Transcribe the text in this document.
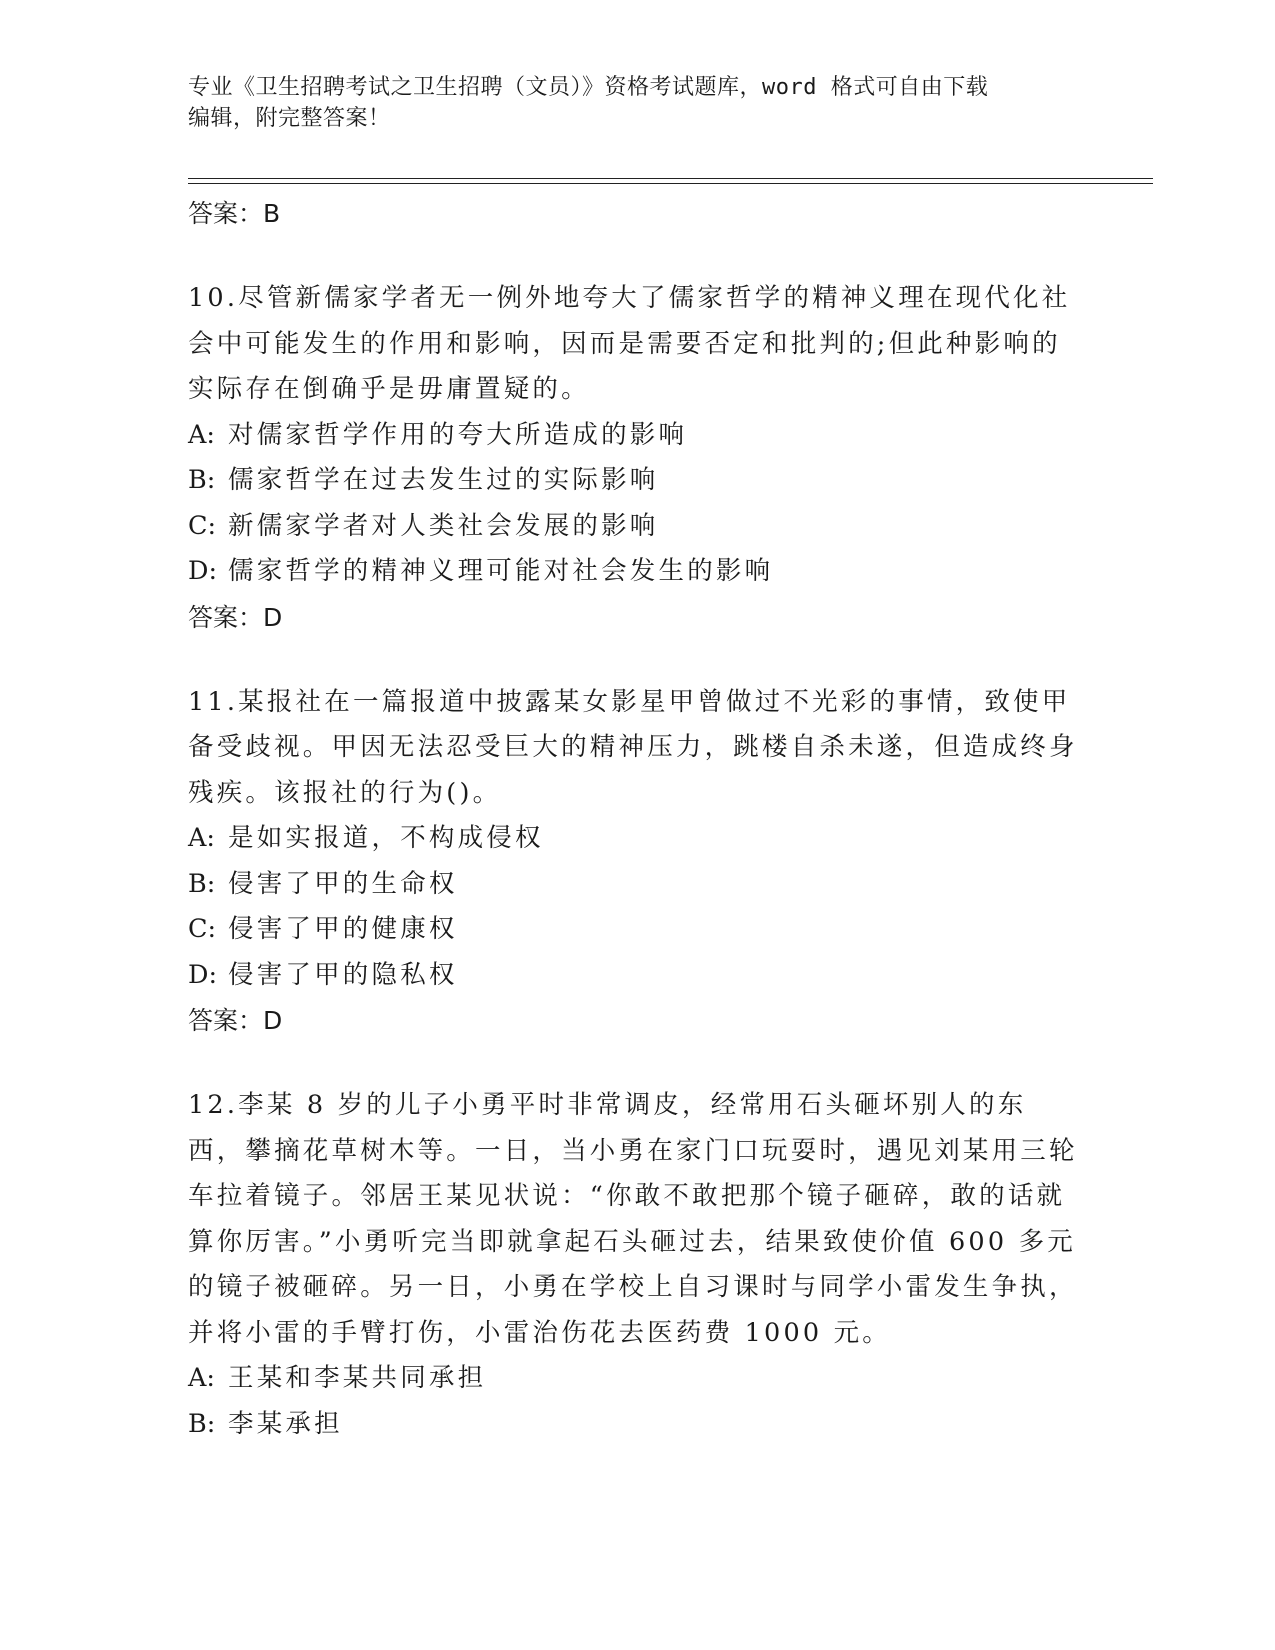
专业《卫生招聘考试之卫生招聘（文员）》资格考试题库，word 格式可自由下载
编辑，附完整答案！
答案：B
10.尽管新儒家学者无一例外地夸大了儒家哲学的精神义理在现代化社会中可能发生的作用和影响，因而是需要否定和批判的;但此种影响的实际存在倒确乎是毋庸置疑的。
A: 对儒家哲学作用的夸大所造成的影响
B: 儒家哲学在过去发生过的实际影响
C: 新儒家学者对人类社会发展的影响
D: 儒家哲学的精神义理可能对社会发生的影响
答案：D
11.某报社在一篇报道中披露某女影星甲曾做过不光彩的事情，致使甲备受歧视。甲因无法忍受巨大的精神压力，跳楼自杀未遂，但造成终身残疾。该报社的行为()。
A: 是如实报道，不构成侵权
B: 侵害了甲的生命权
C: 侵害了甲的健康权
D: 侵害了甲的隐私权
答案：D
12.李某 8 岁的儿子小勇平时非常调皮，经常用石头砸坏别人的东西，攀摘花草树木等。一日，当小勇在家门口玩耍时，遇见刘某用三轮车拉着镜子。邻居王某见状说：“你敢不敢把那个镜子砸碎，敢的话就算你厉害。”小勇听完当即就拿起石头砸过去，结果致使价值 600 多元的镜子被砸碎。另一日，小勇在学校上自习课时与同学小雷发生争执，并将小雷的手臂打伤，小雷治伤花去医药费 1000 元。
A: 王某和李某共同承担
B: 李某承担
